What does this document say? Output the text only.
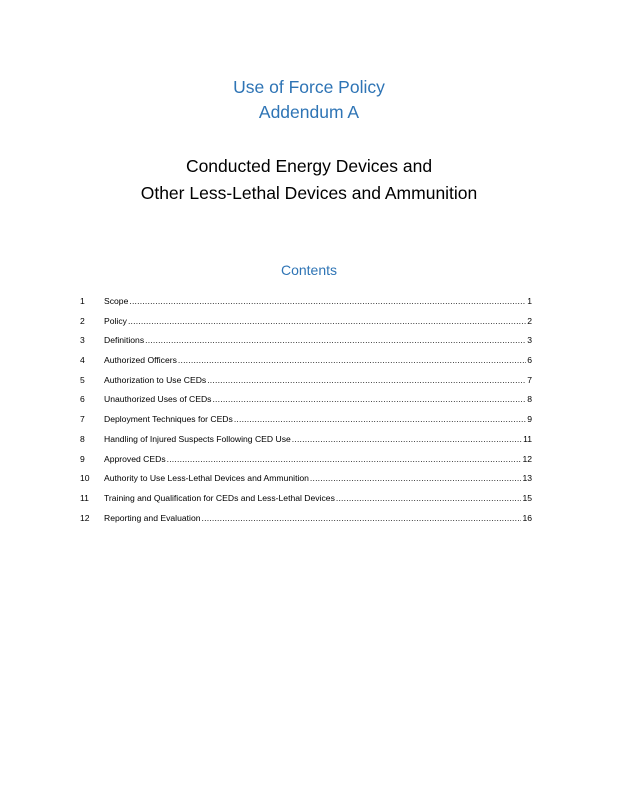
Use of Force Policy
Addendum A
Conducted Energy Devices and
Other Less-Lethal Devices and Ammunition
Contents
1	Scope .....	1
2	Policy .....	2
3	Definitions .....	3
4	Authorized Officers .....	6
5	Authorization to Use CEDs .....	7
6	Unauthorized Uses of CEDs .....	8
7	Deployment Techniques for CEDs .....	9
8	Handling of Injured Suspects Following CED Use .....	11
9	Approved CEDs .....	12
10	Authority to Use Less-Lethal Devices and Ammunition .....	13
11	Training and Qualification for CEDs and Less-Lethal Devices .....	15
12	Reporting and Evaluation .....	16
